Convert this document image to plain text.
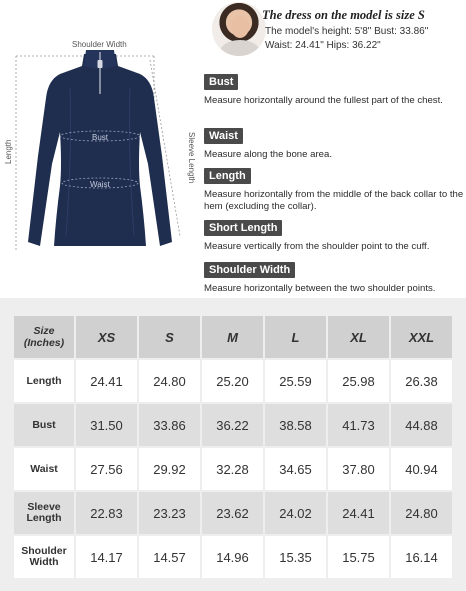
The dress on the model is size S
The model's height: 5'8" Bust: 33.86"
Waist: 24.41" Hips: 36.22"
Shoulder Width
Bust
Waist
Length	Sleeve Length
Bust
Measure horizontally around the fullest part of the chest.
Waist
Measure along the bone area.
Length
Measure horizontally from the middle of the back collar to the hem (excluding the collar).
Short Length
Measure vertically from the shoulder point to the cuff.
Shoulder Width
Measure horizontally between the two shoulder points.
Size
(Inches)	XS	S	M	L	XL	XXL
Length	24.41	24.80	25.20	25.59	25.98	26.38
Bust	31.50	33.86	36.22	38.58	41.73	44.88
Waist	27.56	29.92	32.28	34.65	37.80	40.94

Sleeve
Length	22.83	23.23	23.62	24.02	24.41	24.80

Shoulder
Width	14.17	14.57	14.96	15.35	15.75	16.14
